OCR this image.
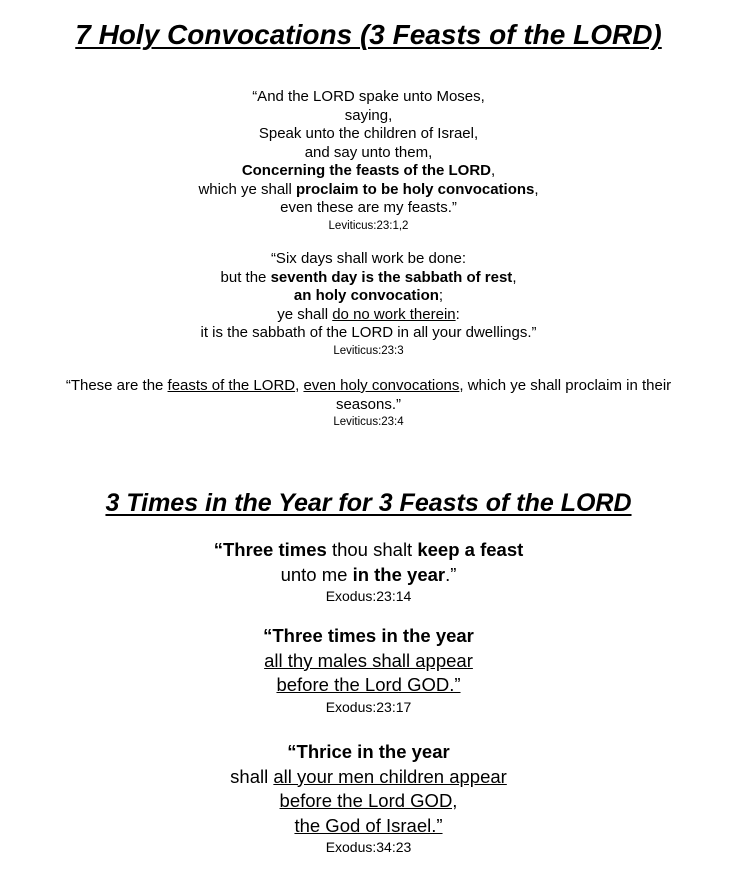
7 Holy Convocations (3 Feasts of the LORD)
“And the LORD spake unto Moses,
saying,
Speak unto the children of Israel,
and say unto them,
Concerning the feasts of the LORD,
which ye shall proclaim to be holy convocations,
even these are my feasts.”
Leviticus:23:1,2
“Six days shall work be done:
but the seventh day is the sabbath of rest,
an holy convocation;
ye shall do no work therein:
it is the sabbath of the LORD in all your dwellings.”
Leviticus:23:3
“These are the feasts of the LORD, even holy convocations, which ye shall proclaim in their seasons.”
Leviticus:23:4
3 Times in the Year for 3 Feasts of the LORD
“Three times thou shalt keep a feast
unto me in the year.”
Exodus:23:14
“Three times in the year
all thy males shall appear
before the Lord GOD.”
Exodus:23:17
“Thrice in the year
shall all your men children appear
before the Lord GOD,
the God of Israel.”
Exodus:34:23
